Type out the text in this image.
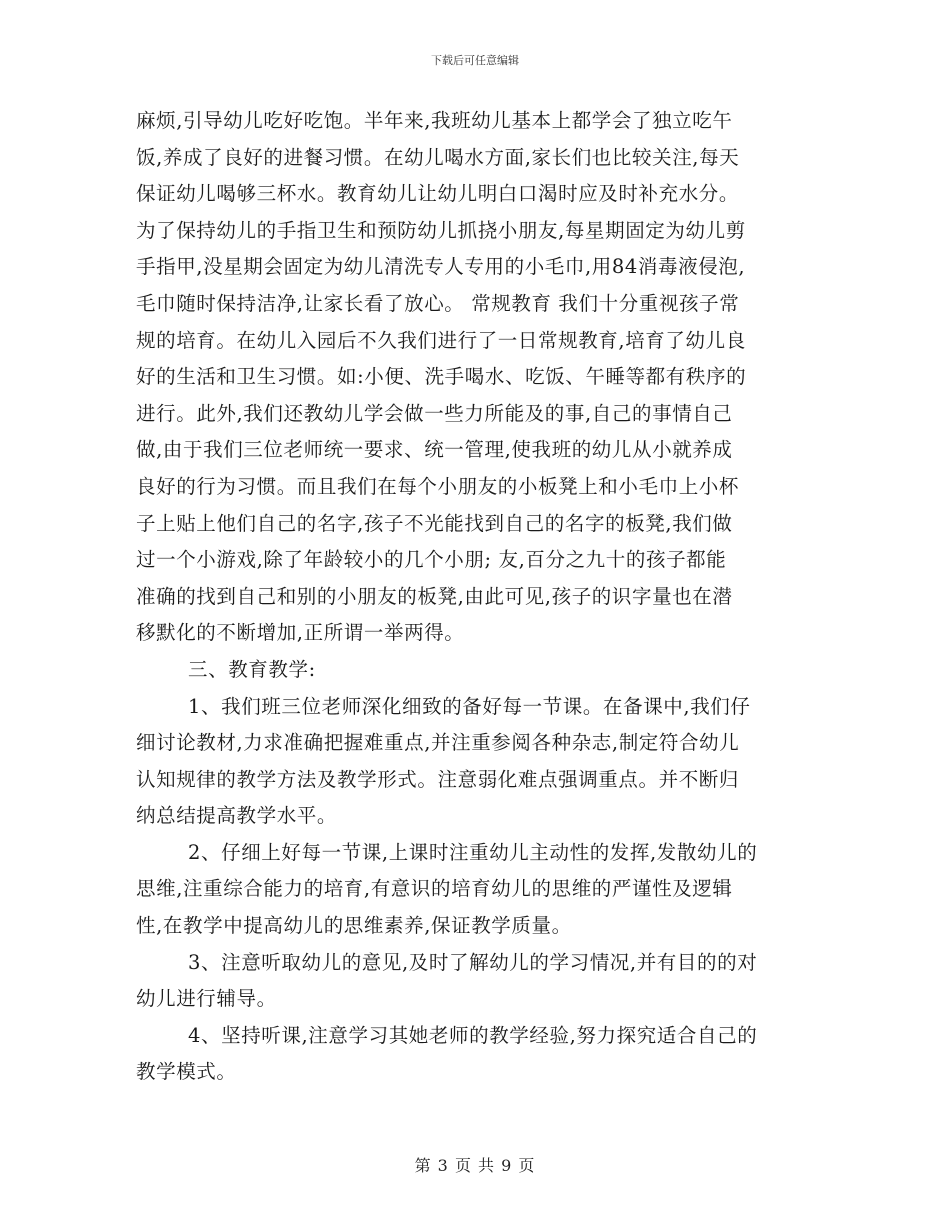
下载后可任意编辑
麻烦,引导幼儿吃好吃饱。半年来,我班幼儿基本上都学会了独立吃午
饭,养成了良好的进餐习惯。在幼儿喝水方面,家长们也比较关注,每天
保证幼儿喝够三杯水。教育幼儿让幼儿明白口渴时应及时补充水分。
为了保持幼儿的手指卫生和预防幼儿抓挠小朋友,每星期固定为幼儿剪
手指甲,没星期会固定为幼儿清洗专人专用的小毛巾,用84消毒液侵泡,
毛巾随时保持洁净,让家长看了放心。 常规教育 我们十分重视孩子常
规的培育。在幼儿入园后不久我们进行了一日常规教育,培育了幼儿良
好的生活和卫生习惯。如:小便、洗手喝水、吃饭、午睡等都有秩序的
进行。此外,我们还教幼儿学会做一些力所能及的事,自己的事情自己
做,由于我们三位老师统一要求、统一管理,使我班的幼儿从小就养成
良好的行为习惯。而且我们在每个小朋友的小板凳上和小毛巾上小杯
子上贴上他们自己的名字,孩子不光能找到自己的名字的板凳,我们做
过一个小游戏,除了年龄较小的几个小朋; 友,百分之九十的孩子都能
准确的找到自己和别的小朋友的板凳,由此可见,孩子的识字量也在潜
移默化的不断增加,正所谓一举两得。
三、教育教学:
1、我们班三位老师深化细致的备好每一节课。在备课中,我们仔
细讨论教材,力求准确把握难重点,并注重参阅各种杂志,制定符合幼儿
认知规律的教学方法及教学形式。注意弱化难点强调重点。并不断归
纳总结提高教学水平。
2、仔细上好每一节课,上课时注重幼儿主动性的发挥,发散幼儿的
思维,注重综合能力的培育,有意识的培育幼儿的思维的严谨性及逻辑
性,在教学中提高幼儿的思维素养,保证教学质量。
3、注意听取幼儿的意见,及时了解幼儿的学习情况,并有目的的对
幼儿进行辅导。
4、坚持听课,注意学习其她老师的教学经验,努力探究适合自己的
教学模式。
第 3 页 共 9 页
